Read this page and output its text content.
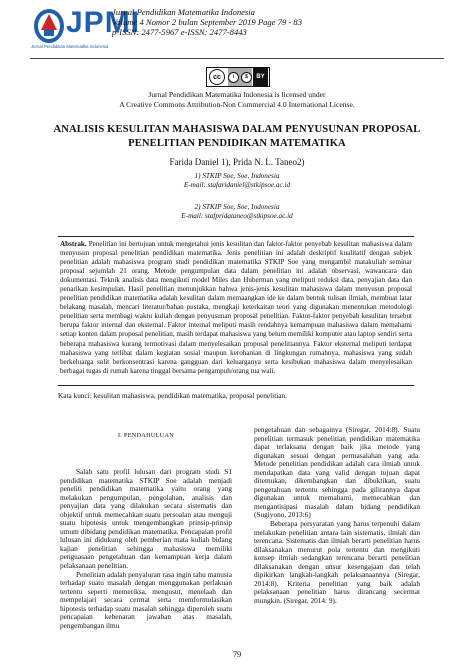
JPMI
Jurnal Pendidikan Matematika Indonesia
Jurnal Pendidikan Matematika Indonesia
Volume 4 Nomor 2 bulan September 2019 Page 79 - 83
p-ISSN: 2477-5967 e-ISSN: 2477-8443
cc	i	$	BY
Jurnal Pendidikan Matematika Indonesia is licensed under
A Creative Commons Attribution-Non Commercial 4.0 International License.
ANALISIS KESULITAN MAHASISWA DALAM PENYUSUNAN PROPOSAL
PENELITIAN PENDIDIKAN MATEMATIKA
Farida Daniel 1), Prida N. L. Taneo2)
1) STKIP Soe, Soe, Indonesia
E-mail: stafaridaniel@stkipsoe.ac.id
2) STKIP Soe, Soe, Indonesia
E-mail: stafpridataneo@stkipsoe.ac.id
Abstrak. Penelitian ini bertujuan untuk mengetahui jenis kesulitan dan faktor-faktor penyebab kesulitan mahasiswa dalam menyusun proposal penelitian pendidikan matematika. Jenis penelitian ini adalah deskriptif kualitatif dengan subjek penelitian adalah mahasiswa program studi pendidikan matematika STKIP Soe yang mengambil matakuliah seminar proposal sejumlah 21 orang. Metode pengumpulan data dalam penelitian ini adalah observasi, wawancara dan dokumentasi. Teknik analisis data mengikuti model Miles dan Huberman yang meliputi reduksi data, penyajian data dan penarikan kesimpulan. Hasil penelitian menunjukkan bahwa jenis-jenis kesulitan mahasiswa dalam menyusun proposal penelitian pendidikan matematika adalah kesulitan dalam memaangkan ide ke dalam bentuk tulisan ilmiah, membuat latar belakang masalah, mencari literatur/bahan pustaka, mengkaji keterkaitan teori yang digunakan menentukan metodologi penelitian serta membagi waktu kuliah dengan penyusunan proposal penelitian. Faktor-faktor penyebab kesulitan tersebut berupa faktor internal dan eksternal. Faktor internal meliputi masih rendahnya kemampuan mahasiswa dalam memahami setiap konten dalam proposal penelitian, masih terdapat mahasiswa yang belum memiliki komputer atau laptop sendiri serta beberapa mahasiswa kurang termotivasi dalam menyelesaikan proposal penelitiannya. Faktor eksternal meliputi terdapat mahasiswa yang terlibat dalam kegiatan sosial maupun kerohanian di lingkungan rumahnya, mahasiswa yang sudah berkeluarga sulit berkonsentrasi karena gangguan dari keluarganya serta kesibukan mahasiswa dalam menyelesaikan berbagai tugas di rumah karena tinggal bersama pengampuh/orang tua wali.
Kata kunci: kesulitan mahasiswa, pendidikan matematika, proposal penelitian.
I. PENDAHULUAN

Salah satu profil lulusan dari program studi S1 pendidikan matematika STKIP Soe adalah menjadi peneliti pendidikan matematika yaitu orang yang melakukan pengumpulan, pengolahan, analisis dan penyajian data yang dilakukan secara sistematis dan objektif untuk memecahkan suatu persoalan atau menguji suatu hipotesis untuk mengembangkan prinsip-prinsip umum dibidang pendidikan matematika. Pencapaian profil lulusan ini didukung oleh pemberian mata kuliah bidang kajian penelitian sehingga mahasiswa memiliki penguasaan pengetahuan dan kemampuan kerja dalam pelaksanaan penelitian.

Penelitian adalah penyaluran rasa ingin tahu manusia terhadap suatu masalah dengan menggunakan perlakuan tertentu seperti memeriksa, mengusut, menelaah dan mempelajari secara cermat serta memformulasikan hipotesis terhadap suatu masalah sehingga diperoleh suatu pencapaian kebenaran jawaban atas masalah, pengembangan ilmu

pengetahuan dan sebagainya (Siregar, 2014:8). Suatu penelitian termasuk penelitian pendidikan matematika dapat terlaksana dengan baik jika metode yang digunakan sesuai dengan permasalahan yang ada. Metode penelitian pendidikan adalah cara ilmiah untuk mendapatkan data yang valid dengan tujuan dapat ditemukan, dikembangkan dan dibuktikan, suatu pengetahuan tertentu sehingga pada gilirannya dapat digunakan untuk memahami, memecahkan dan mengantisipasi masalah dalam bidang pendidikan (Sugiyono, 2013:6)

Beberapa persyaratan yang harus terpenuhi dalam melakukan penelitian antara lain sistematis, ilmiah dan terencana. Sistematis dan ilmiah berarti penelitian harus dilaksanakan menurut pola tertentu dan mengikuti konsep ilmiah sedangkan terencana berarti penelitian dilaksanakan dengan unsur kesengajaan dan telah dipikirkan langkah-langkah pelaksanaannya (Siregar, 2014:8). Kriteria penelitian yang baik adalah pelaksanaan penelitian harus dirancang secermat mungkin. (Siregar, 2014: 9).

79
